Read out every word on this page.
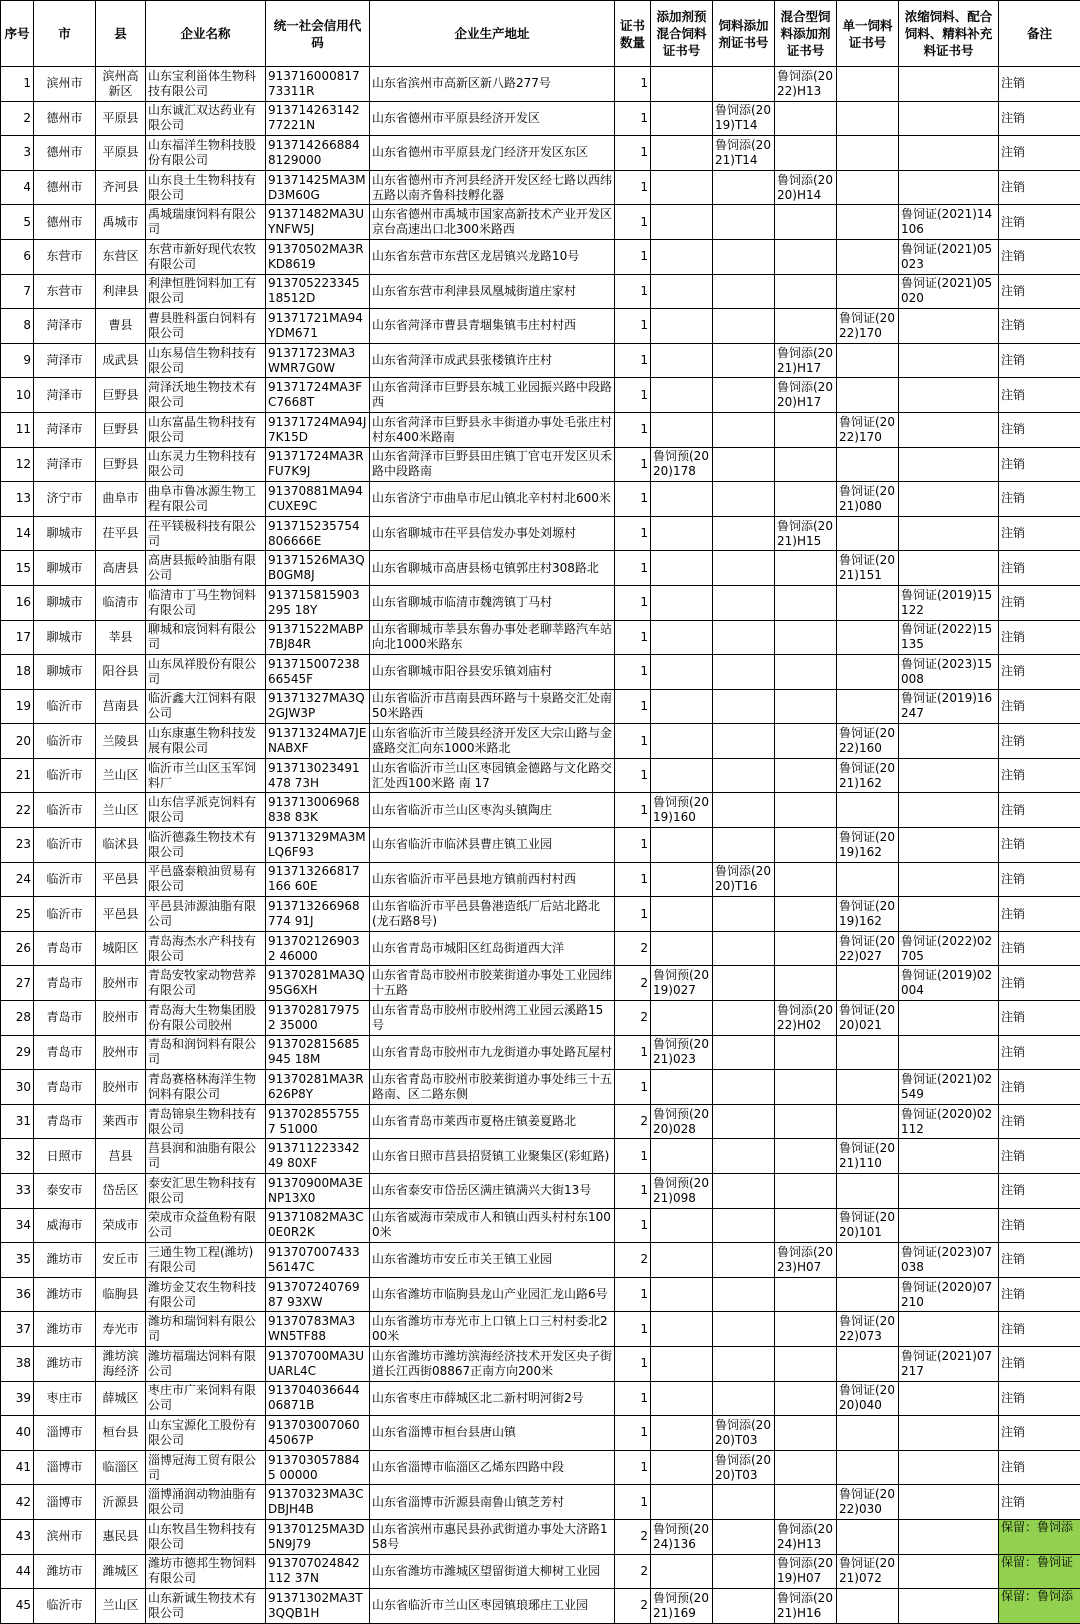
序号	市	县	企业名称	统一社会信用代码	企业生产地址	证书数量	添加剂预混合饲料证书号	饲料添加剂证书号	混合型饲料添加剂证书号	单一饲料证书号	浓缩饲料、配合饲料、精料补充料证书号	备注

1	滨州市	滨州高新区	山东宝利甾体生物科技有限公司	91371600081773311R	山东省滨州市高新区新八路277号	1			鲁饲添(2022)H13			注销

2	德州市	平原县	山东诚汇双达药业有限公司	91371426314277221N	山东省德州市平原县经济开发区	1		鲁饲添(2019)T14				注销

3	德州市	平原县	山东福洋生物科技股份有限公司	9137142668848129000	山东省德州市平原县龙门经济开发区东区	1		鲁饲添(2021)T14				注销

4	德州市	齐河县	山东良土生物科技有限公司	91371425MA3MD3M60G	山东省德州市齐河县经济开发区经七路以西纬五路以南齐鲁科技孵化器	1			鲁饲添(2020)H14			注销

5	德州市	禹城市	禹城瑞康饲料有限公司	91371482MA3UYNFW5J	山东省德州市禹城市国家高新技术产业开发区京台高速出口北300米路西	1					鲁饲证(2021)14106	注销

6	东营市	东营区	东营市新好现代农牧有限公司	91370502MA3RKD8619	山东省东营市东营区龙居镇兴龙路10号	1					鲁饲证(2021)05023	注销

7	东营市	利津县	利津恒胜饲料加工有限公司	91370522334518512D	山东省东营市利津县凤凰城街道庄家村	1					鲁饲证(2021)05020	注销

8	菏泽市	曹县	曹县胜科蛋白饲料有限公司	91371721MA94YDM671	山东省菏泽市曹县青堌集镇韦庄村村西	1				鲁饲证(2022)170		注销

9	菏泽市	成武县	山东易信生物科技有限公司	91371723MA3WMR7G0W	山东省菏泽市成武县张楼镇许庄村	1			鲁饲添(2021)H17			注销

10	菏泽市	巨野县	菏泽沃地生物技术有限公司	91371724MA3FC7668T	山东省菏泽市巨野县东城工业园振兴路中段路西	1			鲁饲添(2020)H17			注销

11	菏泽市	巨野县	山东富晶生物科技有限公司	91371724MA94J7K15D	山东省菏泽市巨野县永丰街道办事处毛张庄村村东400米路南	1				鲁饲证(2022)170		注销

12	菏泽市	巨野县	山东灵力生物科技有限公司	91371724MA3RFU7K9J	山东省菏泽市巨野县田庄镇丁官屯开发区贝禾路中段路南	1	鲁饲预(2020)178					注销

13	济宁市	曲阜市	曲阜市鲁冰源生物工程有限公司	91370881MA94CUXE9C	山东省济宁市曲阜市尼山镇北辛村村北600米	1				鲁饲证(2021)080		注销

14	聊城市	茌平县	茌平镁极科技有限公司	913715235754806666E	山东省聊城市茌平县信发办事处刘塬村	1			鲁饲添(2021)H15			注销

15	聊城市	高唐县	高唐县振岭油脂有限公司	91371526MA3QB0GM8J	山东省聊城市高唐县杨屯镇郭庄村308路北	1				鲁饲证(2021)151		注销

16	聊城市	临清市	临清市丁马生物饲料有限公司	913715815903295 18Y	山东省聊城市临清市魏湾镇丁马村	1					鲁饲证(2019)15122	注销

17	聊城市	莘县	聊城和宸饲料有限公司	91371522MABP7BJ84R	山东省聊城市莘县东鲁办事处老聊莘路汽车站向北1000米路东	1					鲁饲证(2022)15135	注销

18	聊城市	阳谷县	山东凤祥股份有限公司	913715007238 66545F	山东省聊城市阳谷县安乐镇刘庙村	1					鲁饲证(2023)15008	注销

19	临沂市	莒南县	临沂鑫大江饲料有限公司	91371327MA3Q2GJW3P	山东省临沂市莒南县西环路与十泉路交汇处南50米路西	1					鲁饲证(2019)16247	注销

20	临沂市	兰陵县	山东康惠生物科技发展有限公司	91371324MA7JENABXF	山东省临沂市兰陵县经济开发区大宗山路与金盛路交汇向东1000米路北	1				鲁饲证(2022)160		注销

21	临沂市	兰山区	临沂市兰山区玉军饲料厂	913713023491478 73H	山东省临沂市兰山区枣园镇金德路与文化路交汇处西100米路 南 17	1				鲁饲证(2021)162		注销

22	临沂市	兰山区	山东信孚派克饲料有限公司	913713006968838 83K	山东省临沂市兰山区枣沟头镇陶庄	1	鲁饲预(2019)160					注销

23	临沂市	临沭县	临沂德淼生物技术有限公司	91371329MA3MLQ6F93	山东省临沂市临沭县曹庄镇工业园	1				鲁饲证(2019)162		注销

24	临沂市	平邑县	平邑盛泰粮油贸易有限公司	913713266817166 60E	山东省临沂市平邑县地方镇前西村村西	1		鲁饲添(2020)T16				注销

25	临沂市	平邑县	平邑县沛源油脂有限公司	913713266968774 91J	山东省临沂市平邑县鲁港造纸厂后站北路北(龙石路8号)	1				鲁饲证(2019)162		注销

26	青岛市	城阳区	青岛海杰水产科技有限公司	9137021269032 46000	山东省青岛市城阳区红岛街道西大洋	2				鲁饲证(2022)027	鲁饲证(2022)02705	注销

27	青岛市	胶州市	青岛安牧家动物营养有限公司	91370281MA3Q95G6XH	山东省青岛市胶州市胶莱街道办事处工业园纬十五路	2	鲁饲预(2019)027				鲁饲证(2019)02004	注销

28	青岛市	胶州市	青岛海大生物集团股份有限公司胶州	9137028179752 35000	山东省青岛市胶州市胶州湾工业园云溪路15号	2			鲁饲添(2022)H02	鲁饲证(2020)021		注销

29	青岛市	胶州市	青岛和润饲料有限公司	913702815685945 18M	山东省青岛市胶州市九龙街道办事处路瓦屋村	1	鲁饲预(2021)023					注销

30	青岛市	胶州市	青岛赛格林海洋生物饲料有限公司	91370281MA3R626P8Y	山东省青岛市胶州市胶莱街道办事处纬三十五路南、区二路东侧	1					鲁饲证(2021)02549	注销

31	青岛市	莱西市	青岛锦泉生物科技有限公司	9137028557557 51000	山东省青岛市莱西市夏格庄镇姜夏路北	2	鲁饲预(2020)028				鲁饲证(2020)02112	注销

32	日照市	莒县	莒县润和油脂有限公司	91371122334249 80XF	山东省日照市莒县招贤镇工业聚集区(彩虹路)	1				鲁饲证(2021)110		注销

33	泰安市	岱岳区	泰安汇思生物科技有限公司	91370900MA3ENP13X0	山东省泰安市岱岳区满庄镇满兴大街13号	1	鲁饲预(2021)098					注销

34	威海市	荣成市	荣成市众益鱼粉有限公司	91371082MA3C0E0R2K	山东省威海市荣成市人和镇山西头村村东1000米	1				鲁饲证(2020)101		注销

35	潍坊市	安丘市	三通生物工程(潍坊)有限公司	913707007433 56147C	山东省潍坊市安丘市关王镇工业园	2			鲁饲添(2023)H07		鲁饲证(2023)07038	注销

36	潍坊市	临朐县	潍坊金艾农生物科技有限公司	91370724076987 93XW	山东省潍坊市临朐县龙山产业园汇龙山路6号	1					鲁饲证(2020)07210	注销

37	潍坊市	寿光市	潍坊和瑞饲料有限公司	91370783MA3WN5TF88	山东省潍坊市寿光市上口镇上口三村村委北200米	1				鲁饲证(2022)073		注销

38	潍坊市	潍坊滨海经济	潍坊福瑞达饲料有限公司	91370700MA3UUARL4C	山东省潍坊市潍坊滨海经济技术开发区央子街道长江西街08867正南方向200米	1					鲁饲证(2021)07217	注销

39	枣庄市	薛城区	枣庄市广来饲料有限公司	91370403664406871B	山东省枣庄市薛城区北二新村明河街2号	1				鲁饲证(2020)040		注销

40	淄博市	桓台县	山东宝源化工股份有限公司	913703007060 45067P	山东省淄博市桓台县唐山镇	1		鲁饲添(2020)T03				注销

41	淄博市	临淄区	淄博冠海工贸有限公司	9137030578845 00000	山东省淄博市临淄区乙烯东四路中段	1		鲁饲添(2020)T03				注销

42	淄博市	沂源县	淄博涌润动物油脂有限公司	91370323MA3CDBJH4B	山东省淄博市沂源县南鲁山镇芝芳村	1				鲁饲证(2022)030		注销

43	滨州市	惠民县	山东牧昌生物科技有限公司	91370125MA3D5N9J79	山东省滨州市惠民县孙武街道办事处大济路158号	2	鲁饲预(2024)136		鲁饲添(2024)H13			保留：鲁饲添

44	潍坊市	潍城区	潍坊市德邦生物饲料有限公司	913707024842112 37N	山东省潍坊市潍城区望留街道大柳树工业园	2			鲁饲添(2019)H07	鲁饲证(2021)072		保留：鲁饲证

45	临沂市	兰山区	山东新诚生物技术有限公司	91371302MA3T3QQB1H	山东省临沂市兰山区枣园镇琅琊庄工业园	2	鲁饲预(2021)169		鲁饲添(2021)H16			保留：鲁饲添
